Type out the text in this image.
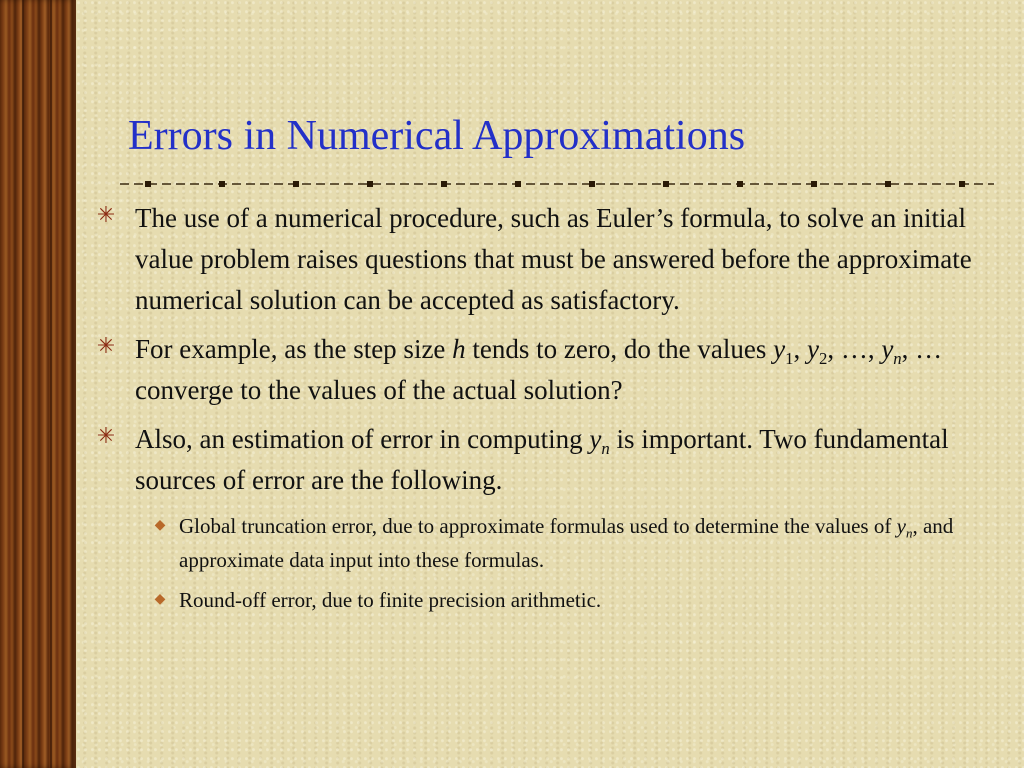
Errors in Numerical Approximations
✳ The use of a numerical procedure, such as Euler’s formula, to solve an initial value problem raises questions that must be answered before the approximate numerical solution can be accepted as satisfactory.
✳ For example, as the step size h tends to zero, do the values $y_1$, $y_2$, …, $y_n$, … converge to the values of the actual solution?
✳ Also, an estimation of error in computing $y_n$ is important. Two fundamental sources of error are the following.
◆ Global truncation error, due to approximate formulas used to determine the values of $y_n$, and approximate data input into these formulas.
◆ Round-off error, due to finite precision arithmetic.
